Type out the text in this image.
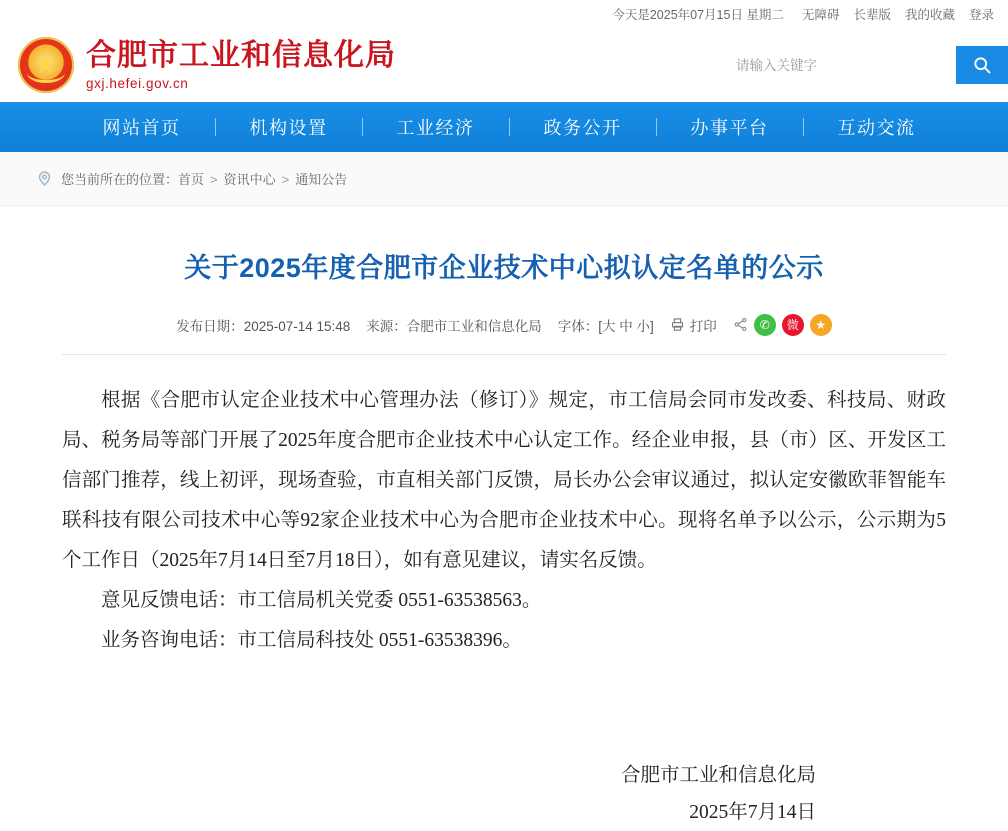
今天是2025年07月15日 星期二 无障碍 长辈版 我的收藏 登录
★
合肥市工业和信息化局
gxj.hefei.gov.cn
请输入关键字
网站首页	机构设置	工业经济	政务公开	办事平台	互动交流
您当前所在的位置： 首页 > 资讯中心 > 通知公告
关于2025年度合肥市企业技术中心拟认定名单的公示
发布日期：2025-07-14 15:48 来源：合肥市工业和信息化局 字体：[大 中 小]	打印	✆	微	★

根据《合肥市认定企业技术中心管理办法（修订）》规定，市工信局会同市发改委、科技局、财政局、税务局等部门开展了2025年度合肥市企业技术中心认定工作。经企业申报，县（市）区、开发区工信部门推荐，线上初评，现场查验，市直相关部门反馈，局长办公会审议通过，拟认定安徽欧菲智能车联科技有限公司技术中心等92家企业技术中心为合肥市企业技术中心。现将名单予以公示，公示期为5个工作日（2025年7月14日至7月18日），如有意见建议，请实名反馈。

意见反馈电话：市工信局机关党委 0551-63538563。

业务咨询电话：市工信局科技处 0551-63538396。

合肥市工业和信息化局
2025年7月14日
